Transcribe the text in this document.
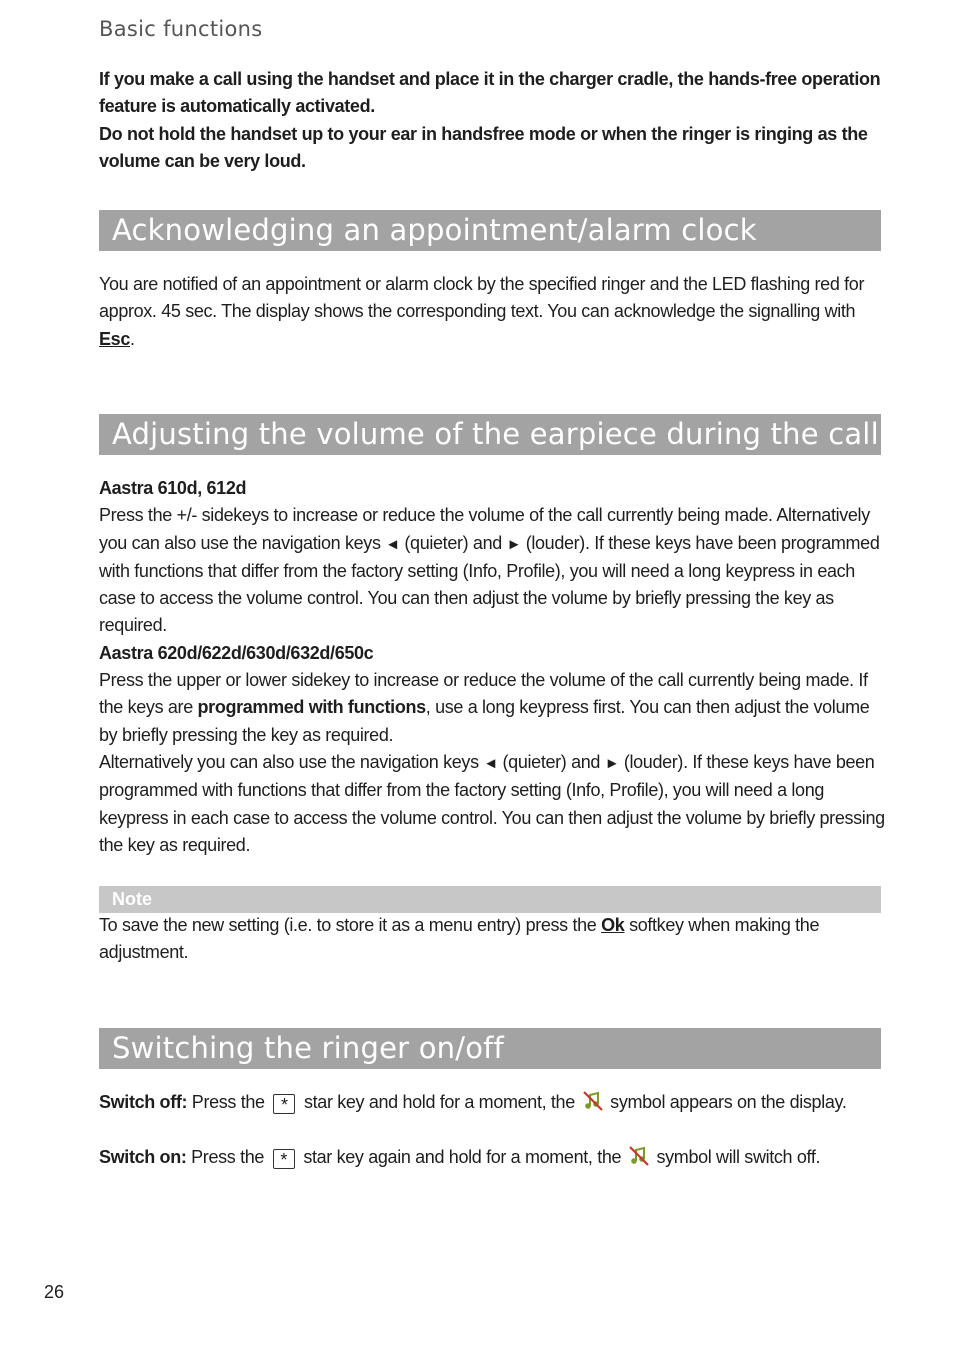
Basic functions

If you make a call using the handset and place it in the charger cradle, the hands-free operation feature is automatically activated.

Do not hold the handset up to your ear in handsfree mode or when the ringer is ringing as the volume can be very loud.

Acknowledging an appointment/alarm clock

You are notified of an appointment or alarm clock by the specified ringer and the LED flashing red for approx. 45 sec. The display shows the corresponding text. You can acknowledge the signalling with Esc.

Adjusting the volume of the earpiece during the call

Aastra 610d, 612d

Press the +/- sidekeys to increase or reduce the volume of the call currently being made. Alternatively you can also use the navigation keys ◄ (quieter) and ► (louder). If these keys have been programmed with functions that differ from the factory setting (Info, Profile), you will need a long keypress in each case to access the volume control. You can then adjust the volume by briefly pressing the key as required.

Aastra 620d/622d/630d/632d/650c

Press the upper or lower sidekey to increase or reduce the volume of the call currently being made. If the keys are programmed with functions, use a long keypress first. You can then adjust the volume by briefly pressing the key as required.

Alternatively you can also use the navigation keys ◄ (quieter) and ► (louder). If these keys have been programmed with functions that differ from the factory setting (Info, Profile), you will need a long keypress in each case to access the volume control. You can then adjust the volume by briefly pressing the key as required.

Note

To save the new setting (i.e. to store it as a menu entry) press the Ok softkey when making the adjustment.

Switching the ringer on/off

Switch off: Press the * star key and hold for a moment, the  symbol appears on the display.

Switch on: Press the * star key again and hold for a moment, the  symbol will switch off.

26
